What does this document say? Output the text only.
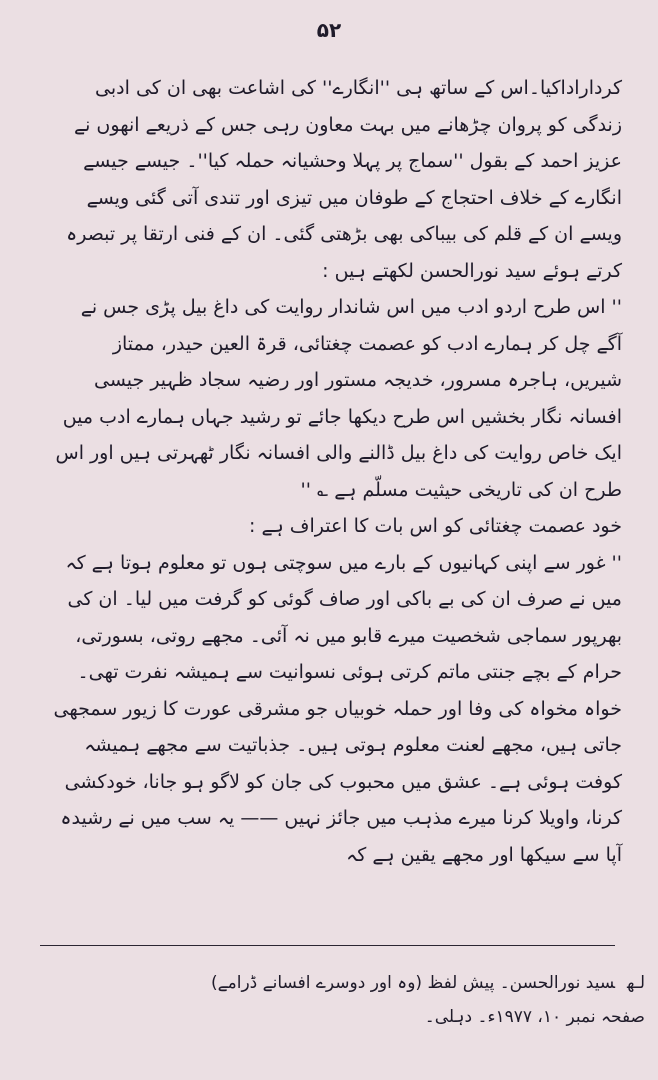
۵۲

کرداراداکیا۔اس کے ساتھ ہی ''انگارے'' کی اشاعت بھی ان کی ادبی زندگی کو پروان چڑھانے میں بہت معاون رہی جس کے ذریعے انھوں نے عزیز احمد کے بقول ''سماج پر پہلا وحشیانہ حملہ کیا''۔ جیسے جیسے انگارے کے خلاف احتجاج کے طوفان میں تیزی اور تندی آتی گئی ویسے ویسے ان کے قلم کی بیباکی بھی بڑھتی گئی۔ ان کے فنی ارتقا پر تبصرہ کرتے ہوئے سید نورالحسن لکھتے ہیں :

'' اس طرح اردو ادب میں اس شاندار روایت کی داغ بیل پڑی جس نے آگے چل کر ہمارے ادب کو عصمت چغتائی، قرۃ العین حیدر، ممتاز شیریں، ہاجرہ مسرور، خدیجہ مستور اور رضیہ سجاد ظہیر جیسی افسانہ نگار بخشیں اس طرح دیکھا جائے تو رشید جہاں ہمارے ادب میں ایک خاص روایت کی داغ بیل ڈالنے والی افسانہ نگار ٹھہرتی ہیں اور اس طرح ان کی تاریخی حیثیت مسلّم ہے ؎ ''

خود عصمت چغتائی کو اس بات کا اعتراف ہے :

'' غور سے اپنی کہانیوں کے بارے میں سوچتی ہوں تو معلوم ہوتا ہے کہ میں نے صرف ان کی بے باکی اور صاف گوئی کو گرفت میں لیا۔ ان کی بھرپور سماجی شخصیت میرے قابو میں نہ آئی۔ مجھے روتی، بسورتی، حرام کے بچے جنتی ماتم کرتی ہوئی نسوانیت سے ہمیشہ نفرت تھی۔ خواہ مخواہ کی وفا اور حملہ خوبیاں جو مشرقی عورت کا زیور سمجھی جاتی ہیں، مجھے لعنت معلوم ہوتی ہیں۔ جذباتیت سے مجھے ہمیشہ کوفت ہوئی ہے۔ عشق میں محبوب کی جان کو لاگو ہو جانا، خودکشی کرنا، واویلا کرنا میرے مذہب میں جائز نہیں —— یہ سب میں نے رشیدہ آپا سے سیکھا اور مجھے یقین ہے کہ

لـهسید نورالحسن۔ پیش لفظ (وہ اور دوسرے افسانے ڈرامے)
صفحہ نمبر ۱۰، ۱۹۷۷ء۔ دہلی۔
